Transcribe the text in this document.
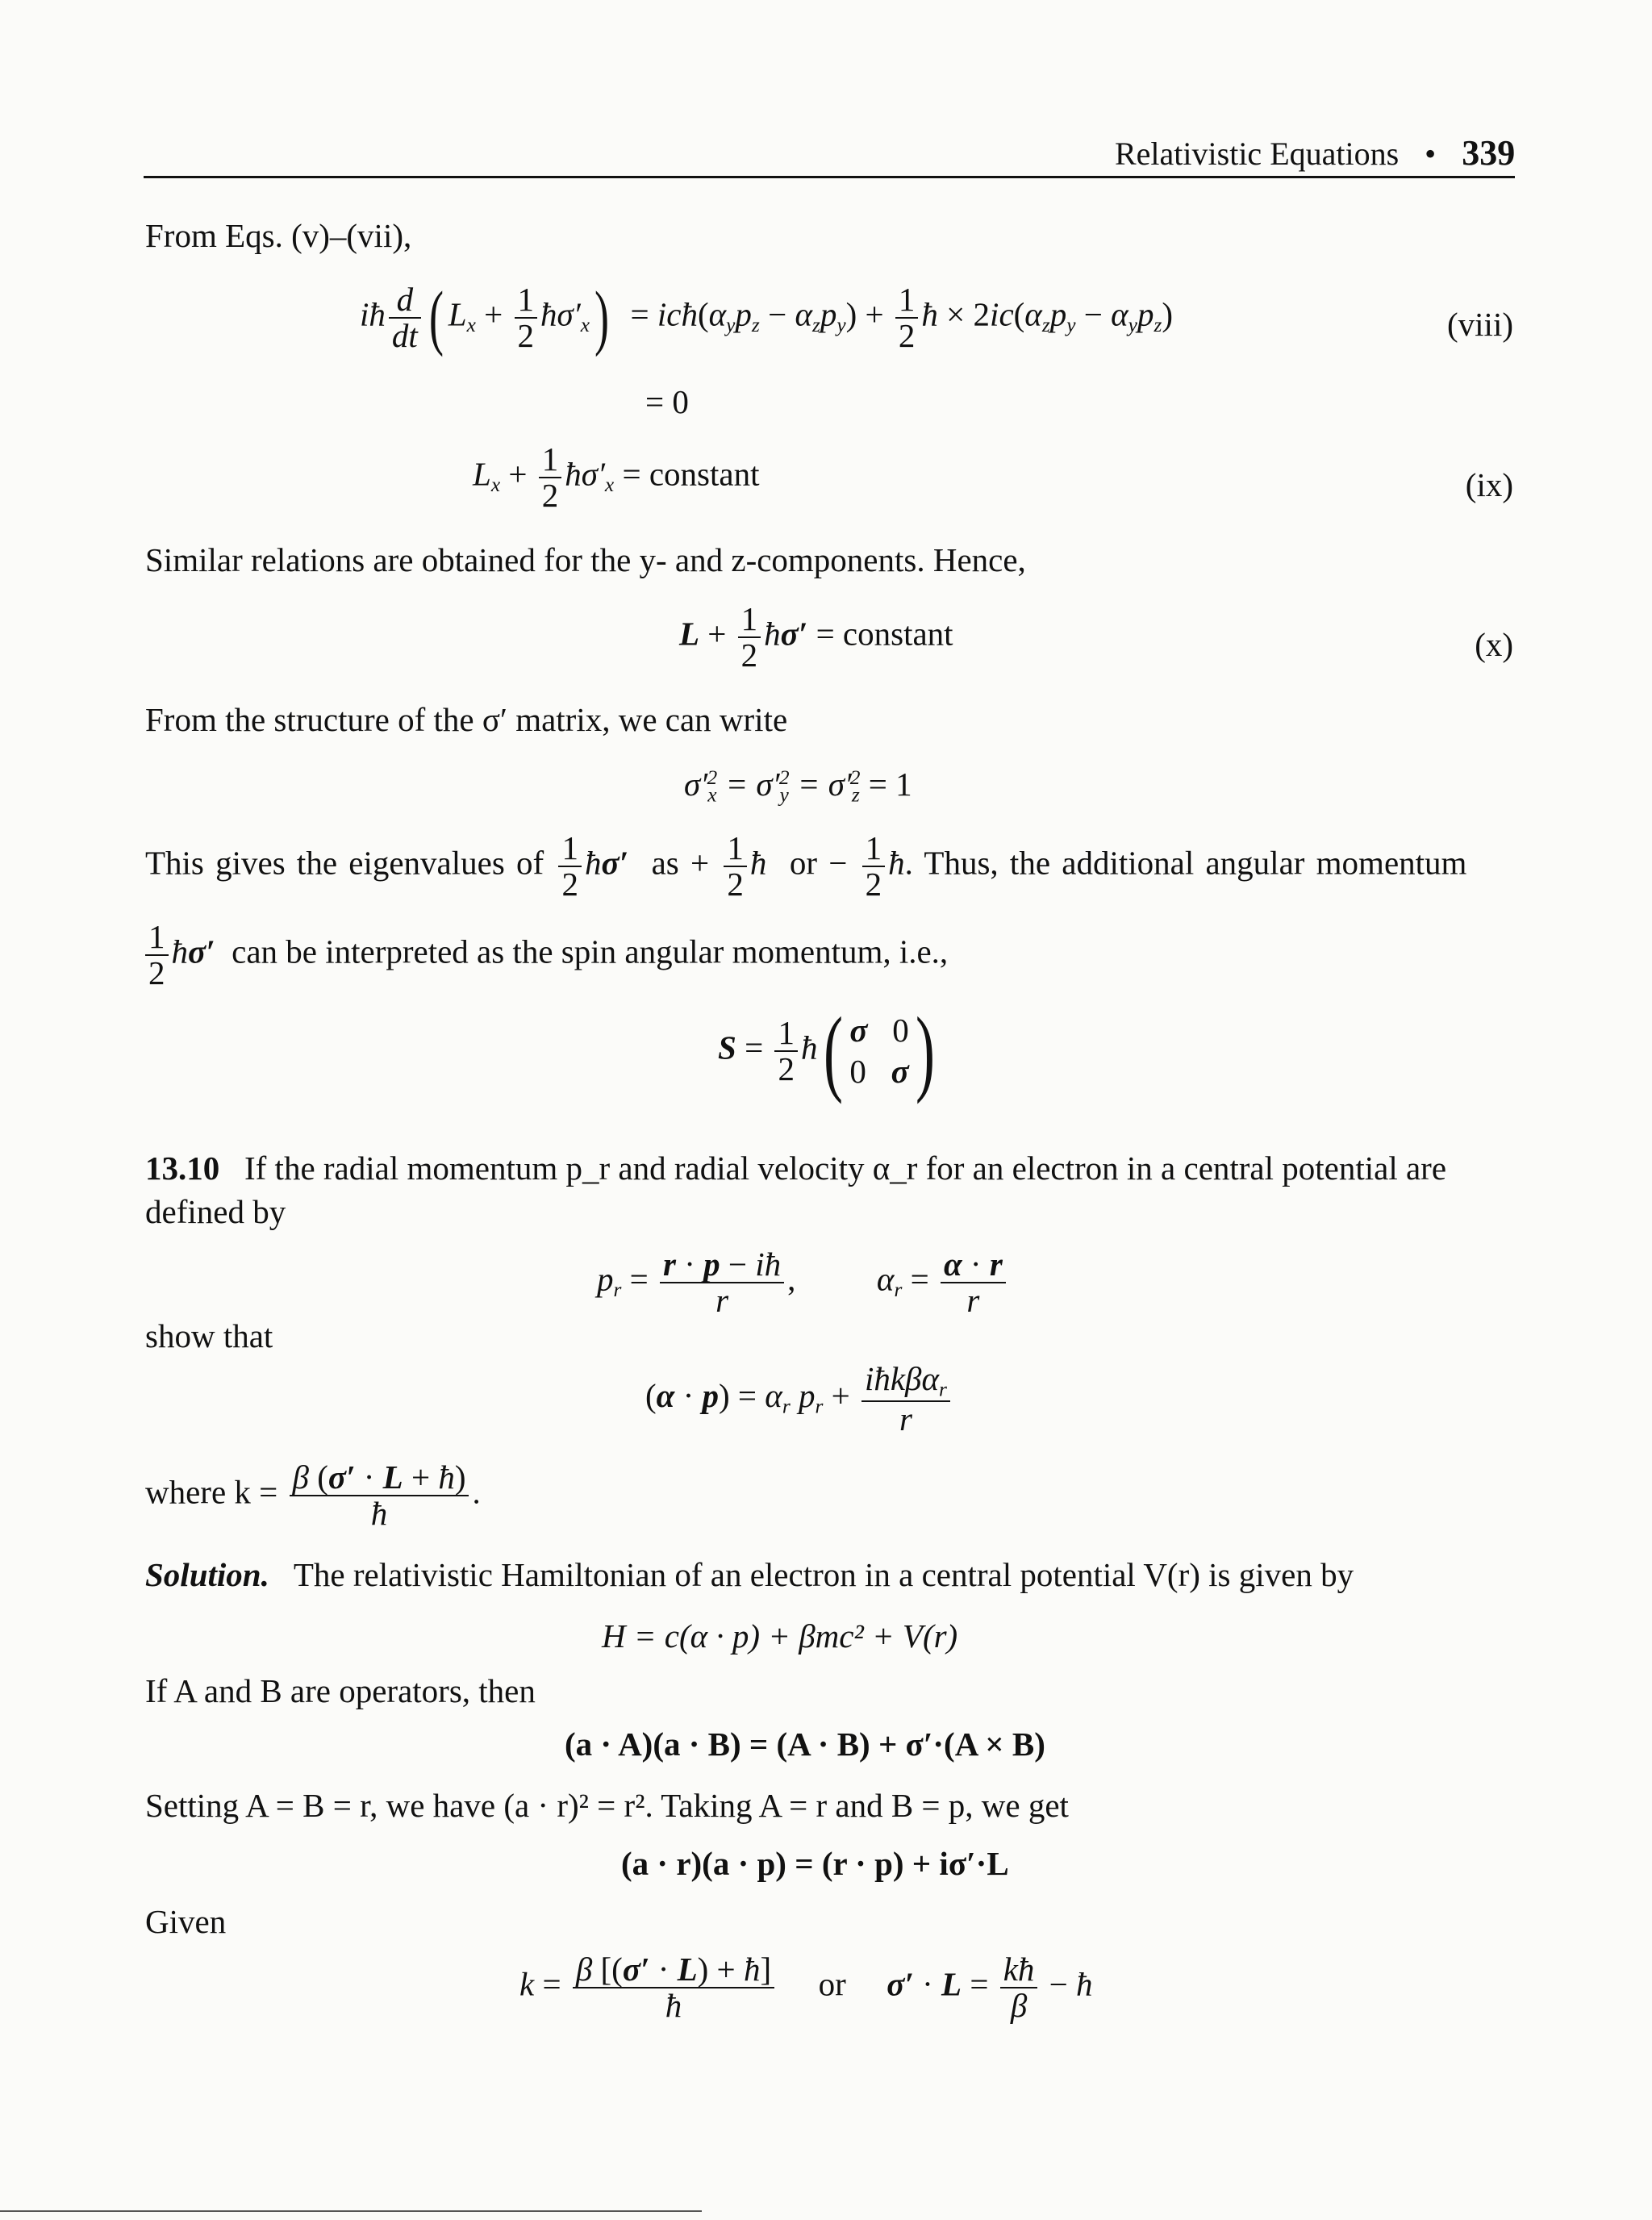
Relativistic Equations • 339
From Eqs. (v)–(vii),
iħ $\frac{d}{dt}$ ( $L_x + \frac{1}{2}$ $ħ\sigma'_x$)  = $icħ(\alpha_yp_z - \alpha_zp_y) + \frac{1}{2}$ ħ × $2ic(\alpha_zp_y - \alpha_yp_z)$	(viii)
= 0
$L_x + \frac{1}{2}$ $ħ\sigma'_x$ = constant	(ix)
Similar relations are obtained for the y- and z-components. Hence,
$L + \frac{1}{2}$ ħσ′ = constant	(x)
From the structure of the σ′ matrix, we can write
$\sigma'_x^2 = \sigma'_y^2 = \sigma'_z^2 = 1$
This gives the eigenvalues of $\frac{1}{2}$ ħσ′ as + $\frac{1}{2}$ ħ or − $\frac{1}{2}$ ħ. Thus, the additional angular momentum
$\frac{1}{2}$ ħσ′ can be interpreted as the spin angular momentum, i.e.,
$S = \frac{1}{2}$ ħ( σ   0
0   σ)
13.10 If the radial momentum p_r and radial velocity α_r for an electron in a central potential are
defined by
$p_r = \frac{r \cdot p - iħ}{r}$ ,  $\alpha_r = \frac{\alpha \cdot r}{r}$
show that
$(\alpha \cdot p) = \alpha_r$ $p_r + \frac{iħk\beta\alpha_r}{r}$
where $k = \frac{\beta (\sigma' \cdot L + ħ)}{ħ}$ .
Solution. The relativistic Hamiltonian of an electron in a central potential V(r) is given by
H = c(α · p) + βmc² + V(r)
If A and B are operators, then
(a · A)(a · B) = (A · B) + σ′·(A × B)
Setting A = B = r, we have (a · r)² = r². Taking A = r and B = p, we get
(a · r)(a · p) = (r · p) + iσ′·L
Given
$k = \frac{\beta [(\sigma' \cdot L) + ħ]}{ħ}$ or $\sigma' \cdot L = \frac{kħ}{\beta}$ − ħ
